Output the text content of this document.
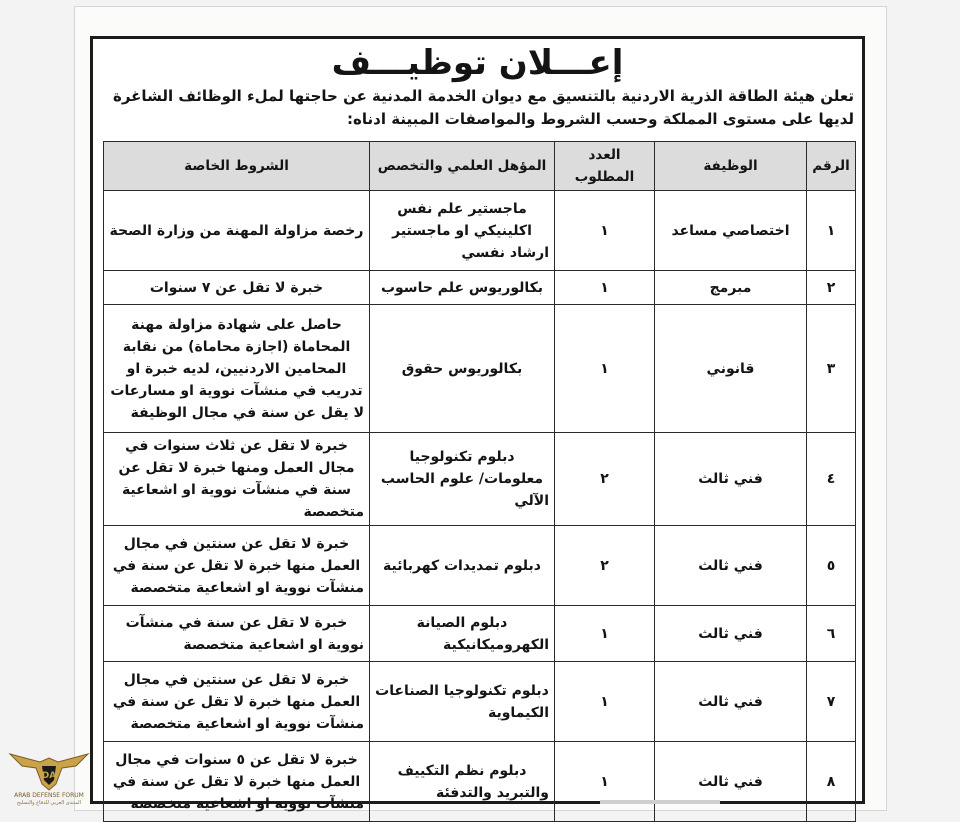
إعـــلان توظيـــف
تعلن هيئة الطاقة الذرية الاردنية بالتنسيق مع ديوان الخدمة المدنية عن حاجتها لملء الوظائف الشاغرة لديها على مستوى المملكة وحسب الشروط والمواصفات المبينة ادناه:
الرقم	الوظيفة	العدد المطلوب	المؤهل العلمي والتخصص	الشروط الخاصة
١	اختصاصي مساعد	١	ماجستير علم نفس اكلينيكي او ماجستير ارشاد نفسي	رخصة مزاولة المهنة من وزارة الصحة
٢	مبرمج	١	بكالوريوس علم حاسوب	خبرة لا تقل عن ٧ سنوات
٣	قانوني	١	بكالوريوس حقوق	حاصل على شهادة مزاولة مهنة المحاماة (اجازة محاماة) من نقابة المحامين الاردنيين، لديه خبرة او تدريب في منشآت نووية او مسارعات لا يقل عن سنة في مجال الوظيفة
٤	فني ثالث	٢	دبلوم تكنولوجيا معلومات/ علوم الحاسب الآلي	خبرة لا تقل عن ثلاث سنوات في مجال العمل ومنها خبرة لا تقل عن سنة في منشآت نووية او اشعاعية متخصصة
٥	فني ثالث	٢	دبلوم تمديدات كهربائية	خبرة لا تقل عن سنتين في مجال العمل منها خبرة لا تقل عن سنة في منشآت نووية او اشعاعية متخصصة
٦	فني ثالث	١	دبلوم الصيانة الكهروميكانيكية	خبرة لا تقل عن سنة في منشآت نووية او اشعاعية متخصصة
٧	فني ثالث	١	دبلوم تكنولوجيا الصناعات الكيماوية	خبرة لا تقل عن سنتين في مجال العمل منها خبرة لا تقل عن سنة في منشآت نووية او اشعاعية متخصصة
٨	فني ثالث	١	دبلوم نظم التكييف والتبريد والتدفئة	خبرة لا تقل عن ٥ سنوات في مجال العمل منها خبرة لا تقل عن سنة في منشآت نووية او اشعاعية متخصصة
DA
ARAB DEFENSE FORUM
المنتدى العربي للدفاع والتسليح
